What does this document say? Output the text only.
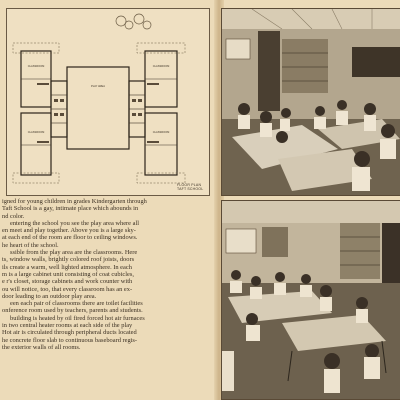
CLASSROOM
CLASSROOM
PLAY AREA
CLASSROOM
CLASSROOM
FLOOR PLAN
TAFT SCHOOL

igned for young children in grades Kindergarten through

Taft School is a gay, intimate place which abounds in

nd color.

entering the school you see the play area where all

en meet and play together. Above you is a large sky-

at each end of the room are floor to ceiling windows.

he heart of the school.

ssible from the play area are the classrooms. Here

ts, window walls, brightly colored roof joists, doors

ils create a warm, well lighted atmosphere. In each

m is a large cabinet unit consisting of coat cubicles,

e r's closet, storage cabinets and work counter with

ou will notice, too, that every classroom has an ex-

door leading to an outdoor play area.

een each pair of classrooms there are toilet facilities

onference room used by teachers, parents and students.

building is heated by oil fired forced hot air furnaces

in two central heater rooms at each side of the play

Hot air is circulated through peripheral ducts located

he concrete floor slab to continuous baseboard regis-

the exterior walls of all rooms.
